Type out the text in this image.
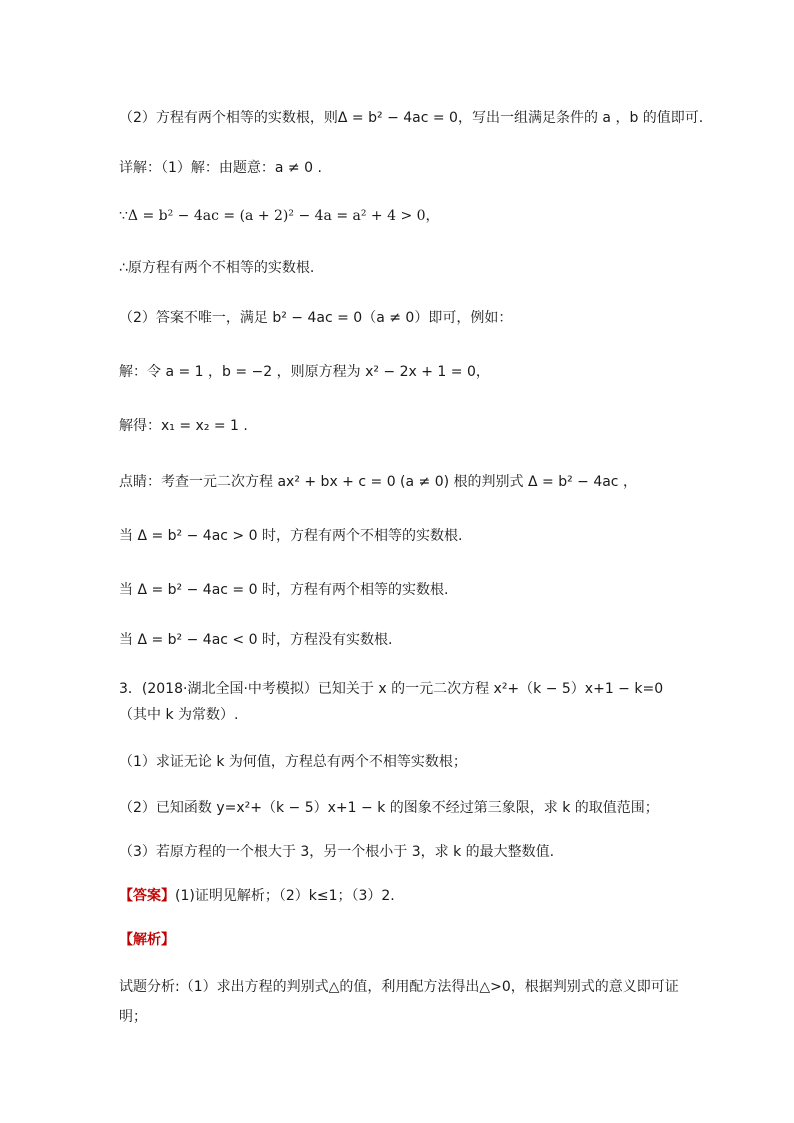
（2）方程有两个相等的实数根，则Δ = b² − 4ac = 0，写出一组满足条件的 a ，b 的值即可.
详解：（1）解：由题意：a ≠ 0 .
∵Δ = b² − 4ac = (a + 2)² − 4a = a² + 4 > 0，
∴原方程有两个不相等的实数根.
（2）答案不唯一，满足 b² − 4ac = 0（a ≠ 0）即可，例如：
解：令 a = 1 ，b = −2 ，则原方程为 x² − 2x + 1 = 0，
解得：x₁ = x₂ = 1 .
点睛：考查一元二次方程 ax² + bx + c = 0 (a ≠ 0) 根的判别式 Δ = b² − 4ac ，
当 Δ = b² − 4ac > 0 时，方程有两个不相等的实数根.
当 Δ = b² − 4ac = 0 时，方程有两个相等的实数根.
当 Δ = b² − 4ac < 0 时，方程没有实数根.
3．(2018·湖北全国·中考模拟）已知关于 x 的一元二次方程 x²+（k − 5）x+1 − k=0（其中 k 为常数）.
（1）求证无论 k 为何值，方程总有两个不相等实数根；
（2）已知函数 y=x²+（k − 5）x+1 − k 的图象不经过第三象限，求 k 的取值范围；
（3）若原方程的一个根大于 3，另一个根小于 3，求 k 的最大整数值.
【答案】(1)证明见解析；（2）k≤1；（3）2.
【解析】
试题分析:（1）求出方程的判别式△的值，利用配方法得出△>0，根据判别式的意义即可证明；
